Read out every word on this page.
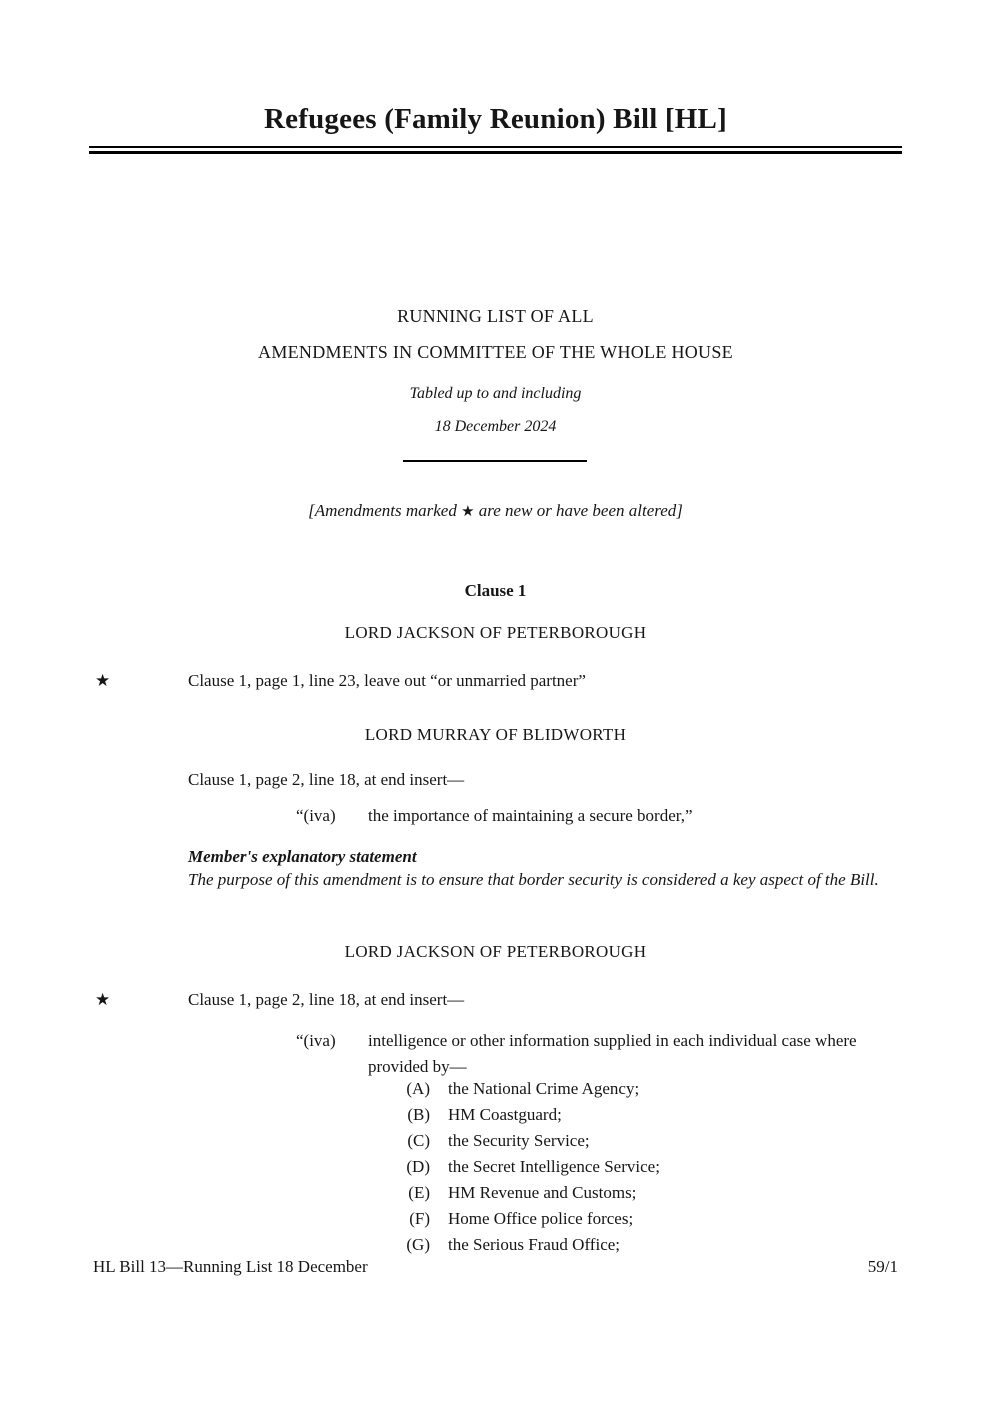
Refugees (Family Reunion) Bill [HL]
RUNNING LIST OF ALL
AMENDMENTS IN COMMITTEE OF THE WHOLE HOUSE
Tabled up to and including
18 December 2024
[Amendments marked ★ are new or have been altered]
Clause 1
LORD JACKSON OF PETERBOROUGH
★	Clause 1, page 1, line 23, leave out “or unmarried partner”
LORD MURRAY OF BLIDWORTH
Clause 1, page 2, line 18, at end insert—
“(iva)	the importance of maintaining a secure border,”
Member's explanatory statement
The purpose of this amendment is to ensure that border security is considered a key aspect of the Bill.
LORD JACKSON OF PETERBOROUGH
★	Clause 1, page 2, line 18, at end insert—
“(iva)	intelligence or other information supplied in each individual case where provided by—
(A) the National Crime Agency;
(B) HM Coastguard;
(C) the Security Service;
(D) the Secret Intelligence Service;
(E) HM Revenue and Customs;
(F) Home Office police forces;
(G) the Serious Fraud Office;
HL Bill 13—Running List 18 December	59/1
